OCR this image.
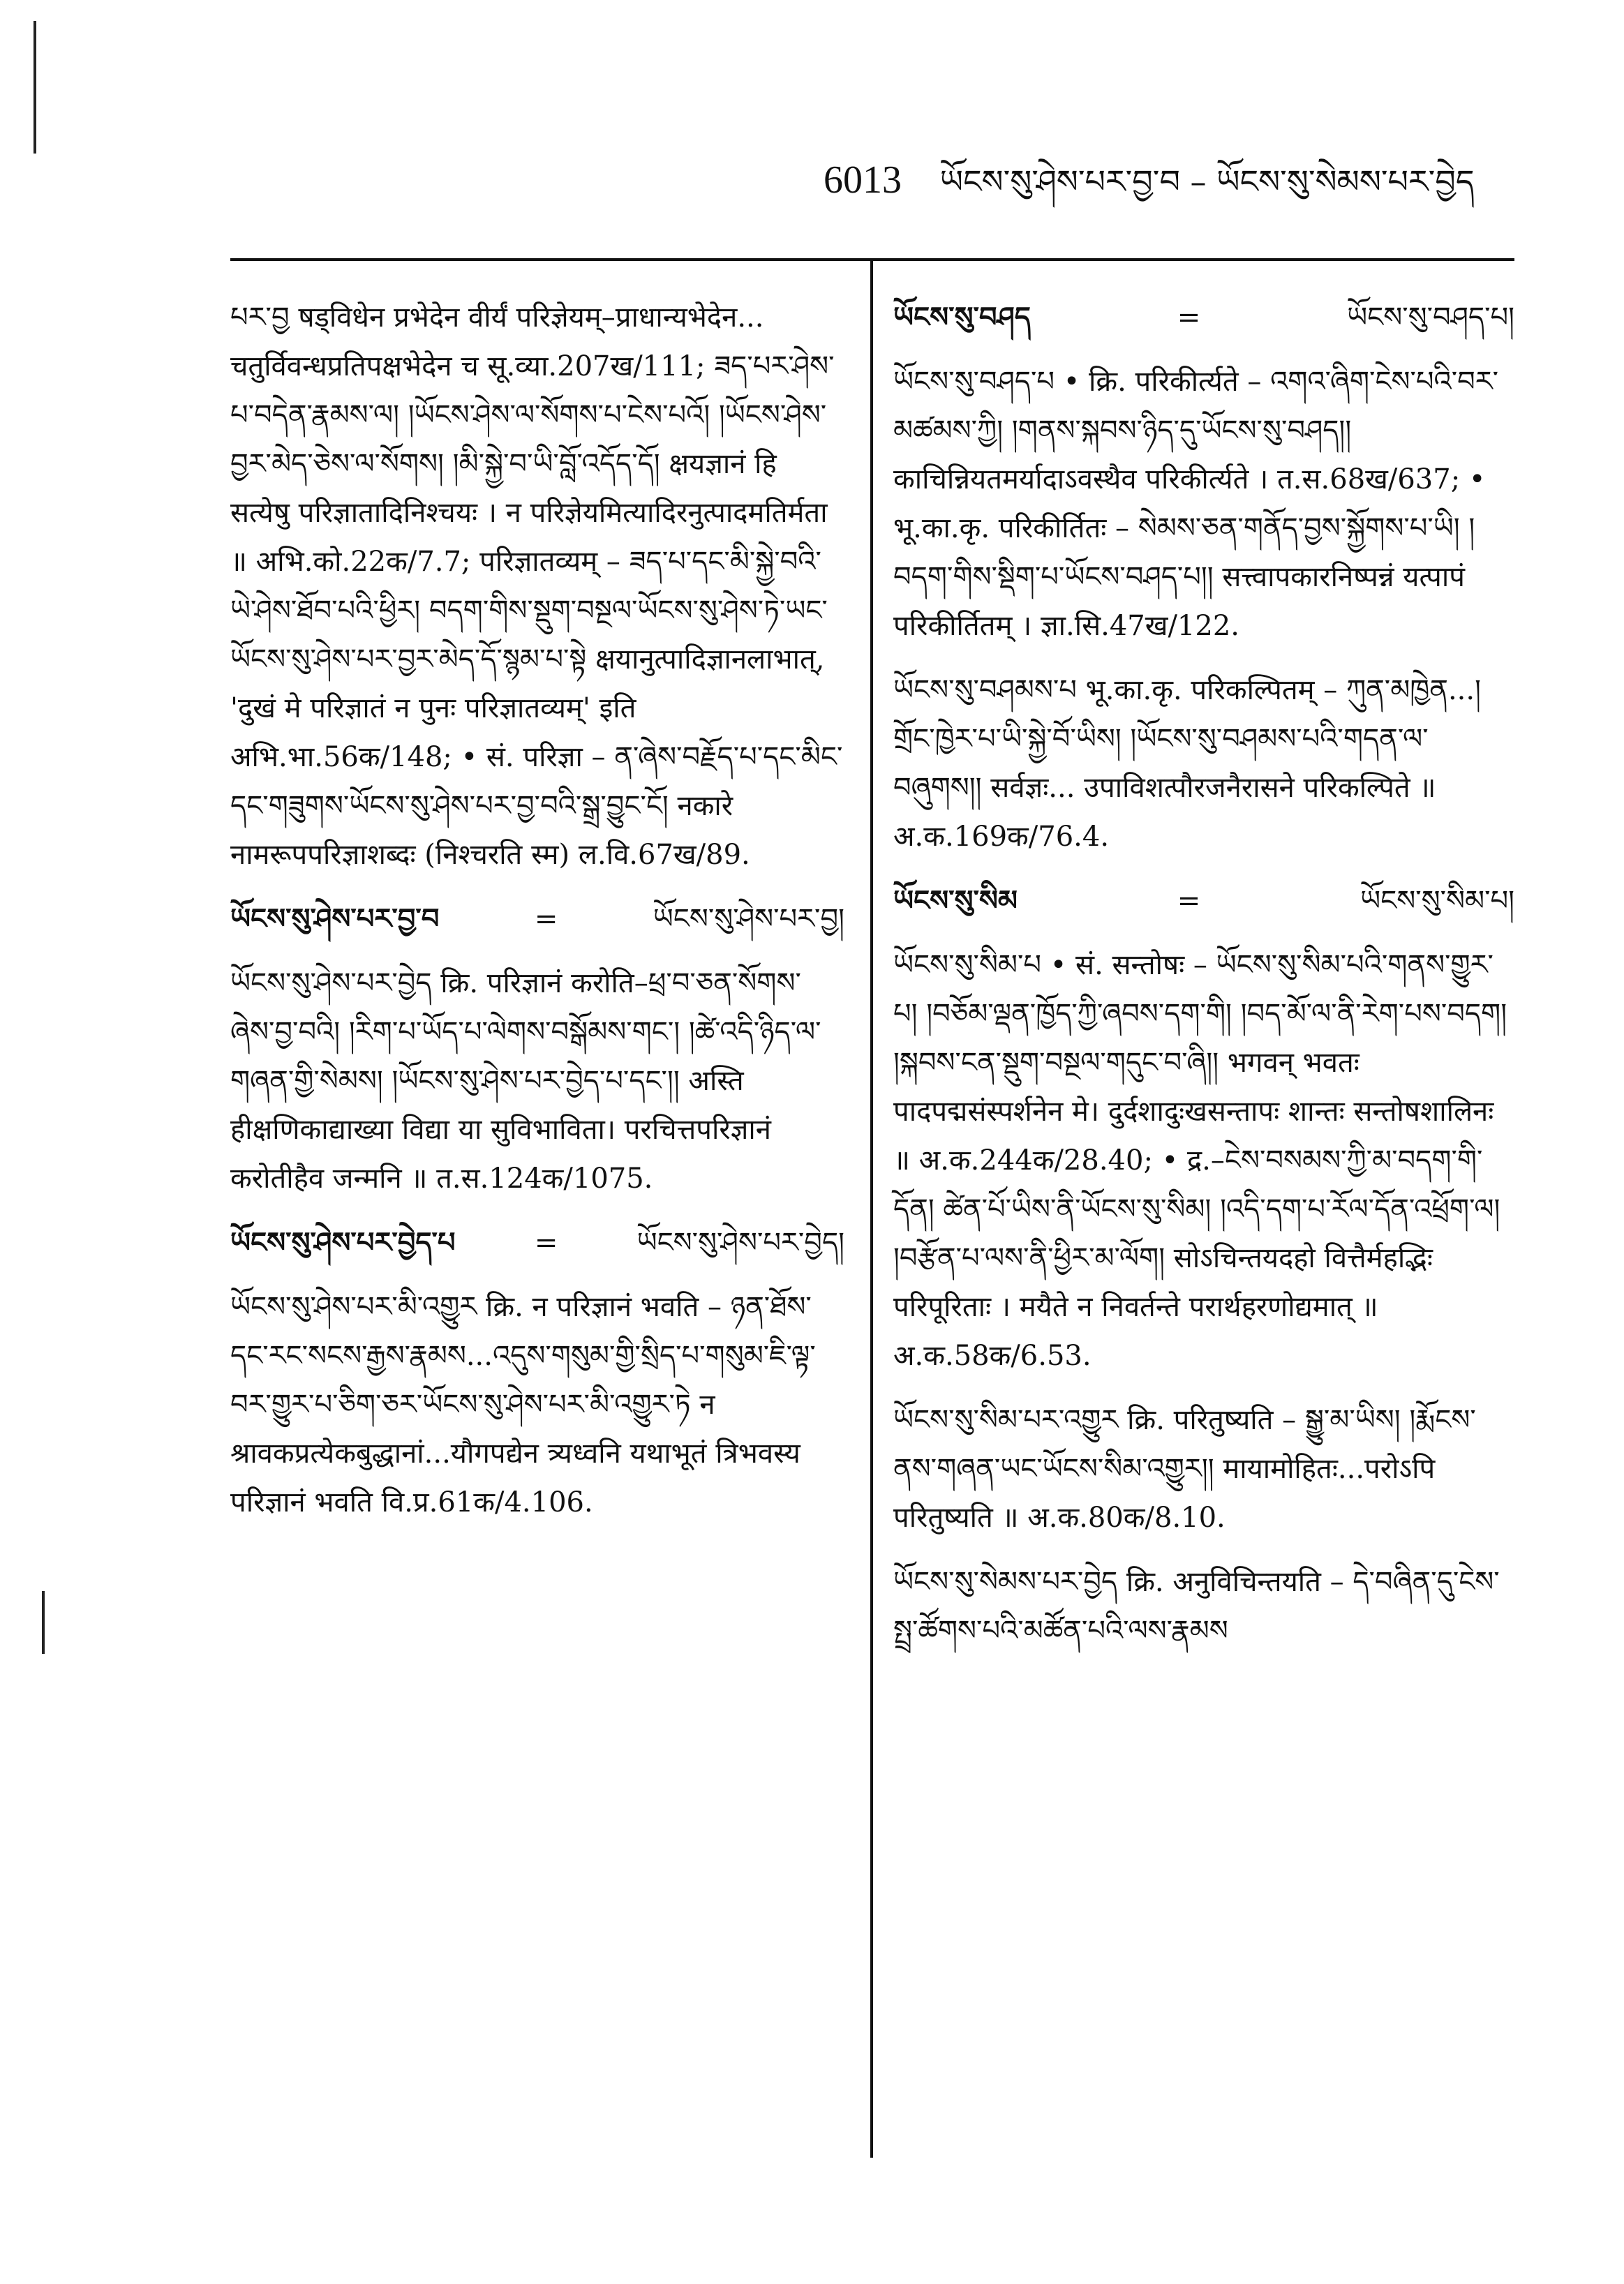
6013 ཡོངས་སུ་ཤེས་པར་བྱ་བ – ཡོངས་སུ་སེམས་པར་བྱེད

པར་བྱ षड्विधेन प्रभेदेन वीर्यं परिज्ञेयम्–प्राधान्यभेदेन... चतुर्विवन्धप्रतिपक्षभेदेन च सू.व्या.207ख/111; ཟད་པར་ཤེས་པ་བདེན་རྣམས་ལ། །ཡོངས་ཤེས་ལ་སོགས་པ་ངེས་པའོ། །ཡོངས་ཤེས་བྱར་མེད་ཅེས་ལ་སོགས། །མི་སྐྱེ་བ་ཡི་བློ་འདོད་དོ། क्षयज्ञानं हि सत्येषु परिज्ञातादिनिश्चयः । न परिज्ञेयमित्यादिरनुत्पादमतिर्मता ॥ अभि.को.22क/7.7; परिज्ञातव्यम् – ཟད་པ་དང་མི་སྐྱེ་བའི་ཡེ་ཤེས་ཐོབ་པའི་ཕྱིར། བདག་གིས་སྡུག་བསྔལ་ཡོངས་སུ་ཤེས་ཏེ་ཡང་ཡོངས་སུ་ཤེས་པར་བྱར་མེད་དོ་སྙམ་པ་སྟེ क्षयानुत्पादिज्ञानलाभात्, 'दुखं मे परिज्ञातं न पुनः परिज्ञातव्यम्' इति अभि.भा.56क/148; • सं. परिज्ञा – ན་ཞེས་བརྗོད་པ་དང་མིང་དང་གཟུགས་ཡོངས་སུ་ཤེས་པར་བྱ་བའི་སྒྲ་བྱུང་ངོ། नकारे नामरूपपरिज्ञाशब्दः (निश्चरति स्म) ल.वि.67ख/89.

ཡོངས་སུ་ཤེས་པར་བྱ་བ	=	ཡོངས་སུ་ཤེས་པར་བྱ།

ཡོངས་སུ་ཤེས་པར་བྱེད क्रि. परिज्ञानं करोति–ཕྲ་བ་ཅན་སོགས་ཞེས་བྱ་བའི། །རིག་པ་ཡོད་པ་ལེགས་བསྒོམས་གང་། །ཚེ་འདི་ཉིད་ལ་གཞན་གྱི་སེམས། །ཡོངས་སུ་ཤེས་པར་བྱེད་པ་དང་།། अस्ति हीक्षणिकाद्याख्या विद्या या सुविभाविता। परचित्तपरिज्ञानं करोतीहैव जन्मनि ॥ त.स.124क/1075.

ཡོངས་སུ་ཤེས་པར་བྱེད་པ	=	ཡོངས་སུ་ཤེས་པར་བྱེད།

ཡོངས་སུ་ཤེས་པར་མི་འགྱུར क्रि. न परिज्ञानं भवति – ཉན་ཐོས་དང་རང་སངས་རྒྱས་རྣམས...འདུས་གསུམ་གྱི་སྲིད་པ་གསུམ་ཇི་ལྟ་བར་གྱུར་པ་ཅིག་ཅར་ཡོངས་སུ་ཤེས་པར་མི་འགྱུར་ཏེ न श्रावकप्रत्येकबुद्धानां...यौगपद्येन त्र्यध्वनि यथाभूतं त्रिभवस्य परिज्ञानं भवति वि.प्र.61क/4.106.

ཡོངས་སུ་བཤད	=	ཡོངས་སུ་བཤད་པ།

ཡོངས་སུ་བཤད་པ • क्रि. परिकीर्त्यते – འགའ་ཞིག་ངེས་པའི་བར་མཚམས་ཀྱི། །གནས་སྐབས་ཉིད་དུ་ཡོངས་སུ་བཤད།། काचिन्नियतमर्यादाऽवस्थैव परिकीर्त्यते । त.स.68ख/637; • भू.का.कृ. परिकीर्तितः – སེམས་ཅན་གནོད་བྱས་སྐྱོགས་པ་ཡི། །བདག་གིས་སྡིག་པ་ཡོངས་བཤད་པ།། सत्त्वापकारनिष्पन्नं यत्पापं परिकीर्तितम् । ज्ञा.सि.47ख/122.

ཡོངས་སུ་བཤམས་པ भू.का.कृ. परिकल्पितम् – ཀུན་མཁྱེན...།གྲོང་ཁྱེར་པ་ཡི་སྐྱེ་བོ་ཡིས། །ཡོངས་སུ་བཤམས་པའི་གདན་ལ་བཞུགས།། सर्वज्ञः... उपाविशत्पौरजनैरासने परिकल्पिते ॥ अ.क.169क/76.4.

ཡོངས་སུ་སིམ	=	ཡོངས་སུ་སིམ་པ།

ཡོངས་སུ་སིམ་པ • सं. सन्तोषः – ཡོངས་སུ་སིམ་པའི་གནས་གྱུར་པ། །བཅོམ་ལྡན་ཁྱོད་ཀྱི་ཞབས་དག་གི། །བད་མོ་ལ་ནི་རེག་པས་བདག། །སྐབས་ངན་སྡུག་བསྔལ་གདུང་བ་ཞི།། भगवन् भवतः पादपद्मसंस्पर्शनेन मे। दुर्दशादुःखसन्तापः शान्तः सन्तोषशालिनः ॥ अ.क.244क/28.40; • द्र.–ངེས་བསམས་ཀྱི་མ་བདག་གི་དོན། ཚེན་པོ་ཡིས་ནི་ཡོངས་སུ་སིམ། །འདི་དག་པ་རོལ་དོན་འཕྲོག་ལ། །བརྩོན་པ་ལས་ནི་ཕྱིར་མ་ལོག། सोऽचिन्तयदहो वित्तैर्महद्भिः परिपूरिताः । मयैते न निवर्तन्ते परार्थहरणोद्यमात् ॥ अ.क.58क/6.53.

ཡོངས་སུ་སིམ་པར་འགྱུར क्रि. परितुष्यति – སྒྱུ་མ་ཡིས། །རྨོངས་ནས་གཞན་ཡང་ཡོངས་སིམ་འགྱུར།། मायामोहितः...परोऽपि परितुष्यति ॥ अ.क.80क/8.10.

ཡོངས་སུ་སེམས་པར་བྱེད क्रि. अनुविचिन्तयति – དེ་བཞིན་དུ་ངེས་སྤྲ་ཚོགས་པའི་མཚོན་པའི་ལས་རྣམས
